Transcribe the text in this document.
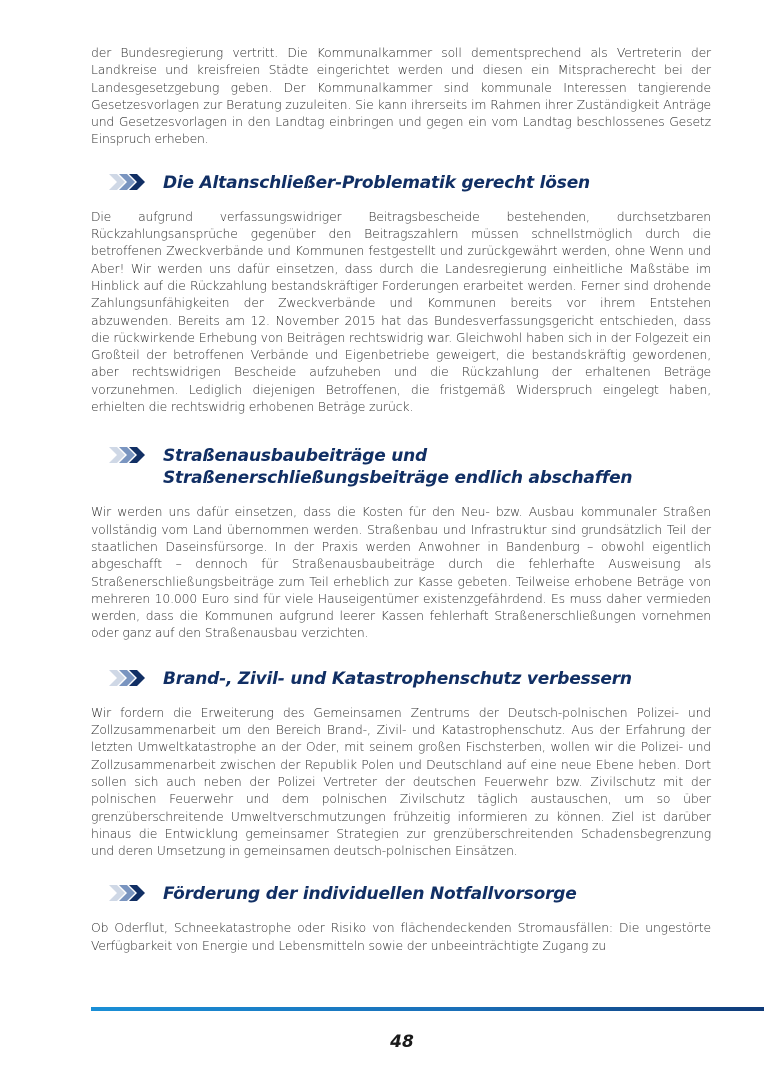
der Bundesregierung vertritt. Die Kommunalkammer soll dementsprechend als Vertreterin der Landkreise und kreisfreien Städte eingerichtet werden und diesen ein Mitspracherecht bei der Landesgesetzgebung geben. Der Kommunalkammer sind kommunale Interessen tangierende Gesetzesvorlagen zur Beratung zuzuleiten. Sie kann ihrerseits im Rahmen ihrer Zuständigkeit Anträge und Gesetzesvorlagen in den Landtag einbringen und gegen ein vom Landtag beschlossenes Gesetz Einspruch erheben.

Die Altanschließer-Problematik gerecht lösen

Die aufgrund verfassungswidriger Beitragsbescheide bestehenden, durchsetzbaren Rückzahlungsansprüche gegenüber den Beitragszahlern müssen schnellstmöglich durch die betroffenen Zweckverbände und Kommunen festgestellt und zurückgewährt werden, ohne Wenn und Aber! Wir werden uns dafür einsetzen, dass durch die Landesregierung einheitliche Maßstäbe im Hinblick auf die Rückzahlung bestandskräftiger Forderungen erarbeitet werden. Ferner sind drohende Zahlungsunfähigkeiten der Zweckverbände und Kommunen bereits vor ihrem Entstehen abzuwenden. Bereits am 12. November 2015 hat das Bundesverfassungsgericht entschieden, dass die rückwirkende Erhebung von Beiträgen rechtswidrig war. Gleichwohl haben sich in der Folgezeit ein Großteil der betroffenen Verbände und Eigenbetriebe geweigert, die bestandskräftig gewordenen, aber rechtswidrigen Bescheide aufzuheben und die Rückzahlung der erhaltenen Beträge vorzunehmen. Lediglich diejenigen Betroffenen, die fristgemäß Widerspruch eingelegt haben, erhielten die rechtswidrig erhobenen Beträge zurück.

Straßenausbaubeiträge und Straßenerschließungsbeiträge endlich abschaffen

Wir werden uns dafür einsetzen, dass die Kosten für den Neu- bzw. Ausbau kommunaler Straßen vollständig vom Land übernommen werden. Straßenbau und Infrastruktur sind grundsätzlich Teil der staatlichen Daseinsfürsorge. In der Praxis werden Anwohner in Bandenburg – obwohl eigentlich abgeschafft – dennoch für Straßenausbaubeiträge durch die fehlerhafte Ausweisung als Straßenerschließungsbeiträge zum Teil erheblich zur Kasse gebeten. Teilweise erhobene Beträge von mehreren 10.000 Euro sind für viele Hauseigentümer existenzgefährdend. Es muss daher vermieden werden, dass die Kommunen aufgrund leerer Kassen fehlerhaft Straßenerschließungen vornehmen oder ganz auf den Straßenausbau verzichten.

Brand-, Zivil- und Katastrophenschutz verbessern

Wir fordern die Erweiterung des Gemeinsamen Zentrums der Deutsch-polnischen Polizei- und Zollzusammenarbeit um den Bereich Brand-, Zivil- und Katastrophenschutz. Aus der Erfahrung der letzten Umweltkatastrophe an der Oder, mit seinem großen Fischsterben, wollen wir die Polizei- und Zollzusammenarbeit zwischen der Republik Polen und Deutschland auf eine neue Ebene heben. Dort sollen sich auch neben der Polizei Vertreter der deutschen Feuerwehr bzw. Zivilschutz mit der polnischen Feuerwehr und dem polnischen Zivilschutz täglich austauschen, um so über grenzüberschreitende Umweltverschmutzungen frühzeitig informieren zu können. Ziel ist darüber hinaus die Entwicklung gemeinsamer Strategien zur grenzüberschreitenden Schadensbegrenzung und deren Umsetzung in gemeinsamen deutsch-polnischen Einsätzen.

Förderung der individuellen Notfallvorsorge

Ob Oderflut, Schneekatastrophe oder Risiko von flächendeckenden Stromausfällen: Die ungestörte Verfügbarkeit von Energie und Lebensmitteln sowie der unbeeinträchtigte Zugang zu

48
